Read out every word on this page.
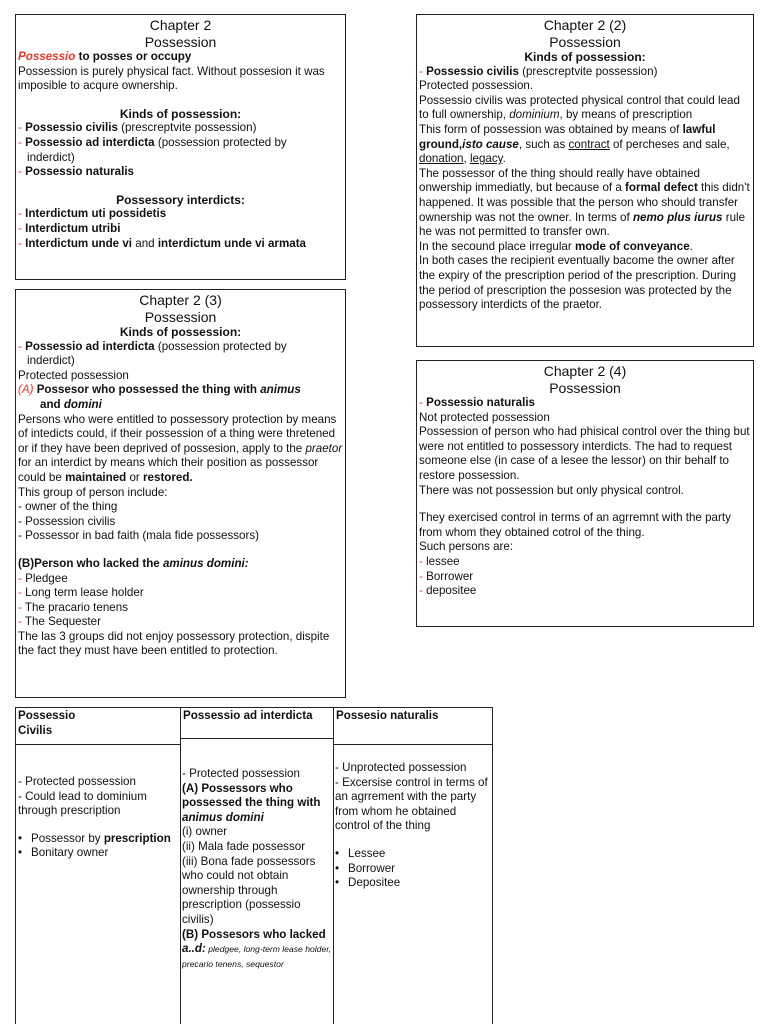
Chapter 2
Possession
Possessio to posses or occupy
Possession is purely physical fact. Without possesion it was imposible to acqure ownership.
Kinds of possession:
- Possessio civilis (prescreptvite possession)
- Possessio ad interdicta (possession protected by
inderdict)
- Possessio naturalis
Possessory interdicts:
- Interdictum uti possidetis
- Interdictum utribi
- Interdictum unde vi and interdictum unde vi armata
Chapter 2 (2)
Possession
Kinds of possession:
- Possessio civilis (prescreptvite possession)
Protected possession.
Possessio civilis was protected physical control that could lead to full ownership, dominium, by means of prescription
This form of possession was obtained by means of lawful ground,isto cause, such as contract of percheses and sale, donation, legacy.
The possessor of the thing should really have obtained onwership immediatly, but because of a formal defect this didn't happened. It was possible that the person who should transfer ownership was not the owner. In terms of nemo plus iurus rule he was not permitted to transfer own.
In the secound place irregular mode of conveyance.
In both cases the recipient eventually bacome the owner after the expiry of the prescription period of the prescription. During the period of prescription the possesion was protected by the possessory interdicts of the praetor.
Chapter 2 (3)
Possession
Kinds of possession:
- Possessio ad interdicta (possession protected by
inderdict)
Protected possession
(A) Possesor who possessed the thing with animus
and domini
Persons who were entitled to possessory protection by means of intedicts could, if their possession of a thing were thretened or if they have been deprived of possesion, apply to the praetor for an interdict by means which their position as possessor could be maintained or restored.
This group of person include:
- owner of the thing
- Possession civilis
- Possessor in bad faith (mala fide possessors)
(B)Person who lacked the aminus domini:
- Pledgee
- Long term lease holder
- The pracario tenens
- The Sequester
The las 3 groups did not enjoy possessory protection, dispite the fact they must have been entitled to protection.
Chapter 2 (4)
Possession
- Possessio naturalis
Not protected possession
Possession of person who had phisical control over the thing but were not entitled to possessory interdicts. The had to request someone else (in case of a lesee the lessor) on thir behalf to restore possession.
There was not possession but only physical control.
They exercised control in terms of an agrremnt with the party from whom they obtained cotrol of the thing.
Such persons are:
- lessee
- Borrower
- depositee
Possessio
Civilis
Possessio ad interdicta	Possesio naturalis
- Protected possession
- Could lead to dominium through prescription
• Possessor by prescription
• Bonitary owner
- Protected possession
(A) Possessors who possessed the thing with animus domini
(i) owner
(ii) Mala fade possessor
(iii) Bona fade possessors who could not obtain ownership through prescription (possessio civilis)
(B) Possesors who lacked a..d: pledgee, long-term lease holder, precario tenens, sequestor
- Unprotected possession
- Excersise control in terms of an agrrement with the party from whom he obtained control of the thing
• Lessee
• Borrower
• Depositee
